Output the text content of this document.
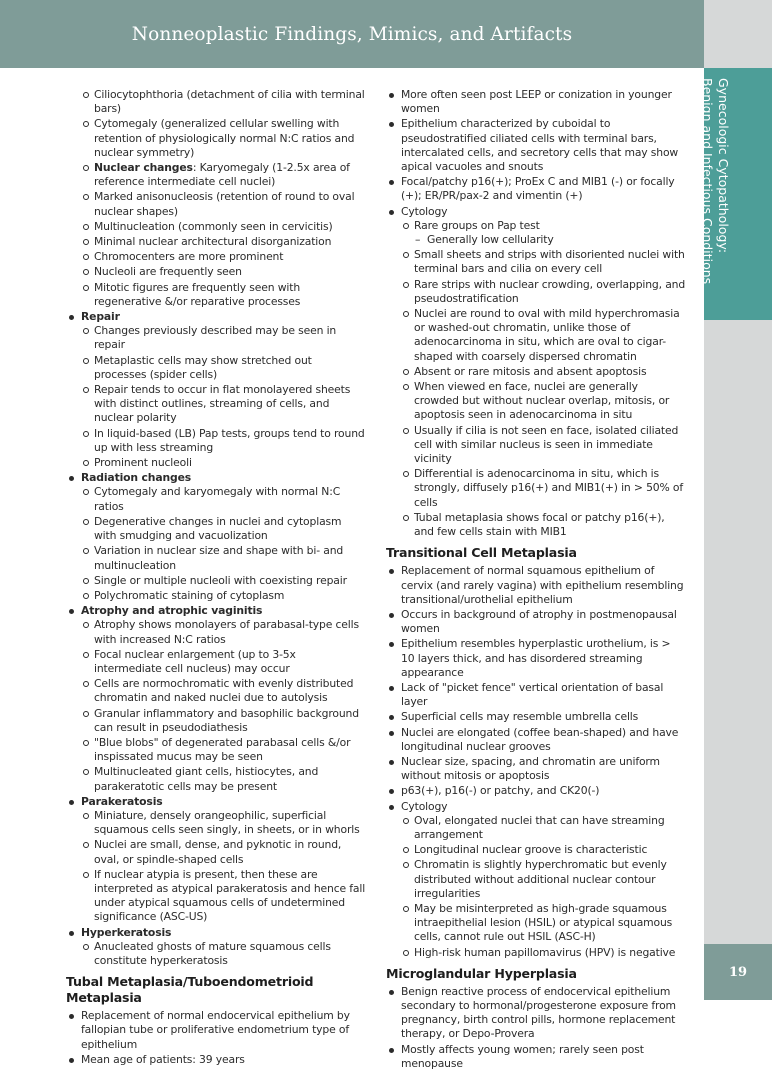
Nonneoplastic Findings, Mimics, and Artifacts
Gynecologic Cytopathology:
Benign and Infectious Conditions
19
Ciliocytophthoria (detachment of cilia with terminal bars)
Cytomegaly (generalized cellular swelling with retention of physiologically normal N:C ratios and nuclear symmetry)
Nuclear changes: Karyomegaly (1-2.5x area of reference intermediate cell nuclei)
Marked anisonucleosis (retention of round to oval nuclear shapes)
Multinucleation (commonly seen in cervicitis)
Minimal nuclear architectural disorganization
Chromocenters are more prominent
Nucleoli are frequently seen
Mitotic figures are frequently seen with regenerative &/or reparative processes
Repair
Changes previously described may be seen in repair
Metaplastic cells may show stretched out processes (spider cells)
Repair tends to occur in flat monolayered sheets with distinct outlines, streaming of cells, and nuclear polarity
In liquid-based (LB) Pap tests, groups tend to round up with less streaming
Prominent nucleoli
Radiation changes
Cytomegaly and karyomegaly with normal N:C ratios
Degenerative changes in nuclei and cytoplasm with smudging and vacuolization
Variation in nuclear size and shape with bi- and multinucleation
Single or multiple nucleoli with coexisting repair
Polychromatic staining of cytoplasm
Atrophy and atrophic vaginitis
Atrophy shows monolayers of parabasal-type cells with increased N:C ratios
Focal nuclear enlargement (up to 3-5x intermediate cell nucleus) may occur
Cells are normochromatic with evenly distributed chromatin and naked nuclei due to autolysis
Granular inflammatory and basophilic background can result in pseudodiathesis
"Blue blobs" of degenerated parabasal cells &/or inspissated mucus may be seen
Multinucleated giant cells, histiocytes, and parakeratotic cells may be present
Parakeratosis
Miniature, densely orangeophilic, superficial squamous cells seen singly, in sheets, or in whorls
Nuclei are small, dense, and pyknotic in round, oval, or spindle-shaped cells
If nuclear atypia is present, then these are interpreted as atypical parakeratosis and hence fall under atypical squamous cells of undetermined significance (ASC-US)
Hyperkeratosis
Anucleated ghosts of mature squamous cells constitute hyperkeratosis
Tubal Metaplasia/Tuboendometrioid Metaplasia
Replacement of normal endocervical epithelium by fallopian tube or proliferative endometrium type of epithelium
Mean age of patients: 39 years
More often seen post LEEP or conization in younger women
Epithelium characterized by cuboidal to pseudostratified ciliated cells with terminal bars, intercalated cells, and secretory cells that may show apical vacuoles and snouts
Focal/patchy p16(+); ProEx C and MIB1 (-) or focally (+); ER/PR/pax-2 and vimentin (+)
Cytology
Rare groups on Pap test
– Generally low cellularity
Small sheets and strips with disoriented nuclei with terminal bars and cilia on every cell
Rare strips with nuclear crowding, overlapping, and pseudostratification
Nuclei are round to oval with mild hyperchromasia or washed-out chromatin, unlike those of adenocarcinoma in situ, which are oval to cigar-shaped with coarsely dispersed chromatin
Absent or rare mitosis and absent apoptosis
When viewed en face, nuclei are generally crowded but without nuclear overlap, mitosis, or apoptosis seen in adenocarcinoma in situ
Usually if cilia is not seen en face, isolated ciliated cell with similar nucleus is seen in immediate vicinity
Differential is adenocarcinoma in situ, which is strongly, diffusely p16(+) and MIB1(+) in > 50% of cells
Tubal metaplasia shows focal or patchy p16(+), and few cells stain with MIB1
Transitional Cell Metaplasia
Replacement of normal squamous epithelium of cervix (and rarely vagina) with epithelium resembling transitional/urothelial epithelium
Occurs in background of atrophy in postmenopausal women
Epithelium resembles hyperplastic urothelium, is > 10 layers thick, and has disordered streaming appearance
Lack of "picket fence" vertical orientation of basal layer
Superficial cells may resemble umbrella cells
Nuclei are elongated (coffee bean-shaped) and have longitudinal nuclear grooves
Nuclear size, spacing, and chromatin are uniform without mitosis or apoptosis
p63(+), p16(-) or patchy, and CK20(-)
Cytology
Oval, elongated nuclei that can have streaming arrangement
Longitudinal nuclear groove is characteristic
Chromatin is slightly hyperchromatic but evenly distributed without additional nuclear contour irregularities
May be misinterpreted as high-grade squamous intraepithelial lesion (HSIL) or atypical squamous cells, cannot rule out HSIL (ASC-H)
High-risk human papillomavirus (HPV) is negative
Microglandular Hyperplasia
Benign reactive process of endocervical epithelium secondary to hormonal/progesterone exposure from pregnancy, birth control pills, hormone replacement therapy, or Depo-Provera
Mostly affects young women; rarely seen post menopause
